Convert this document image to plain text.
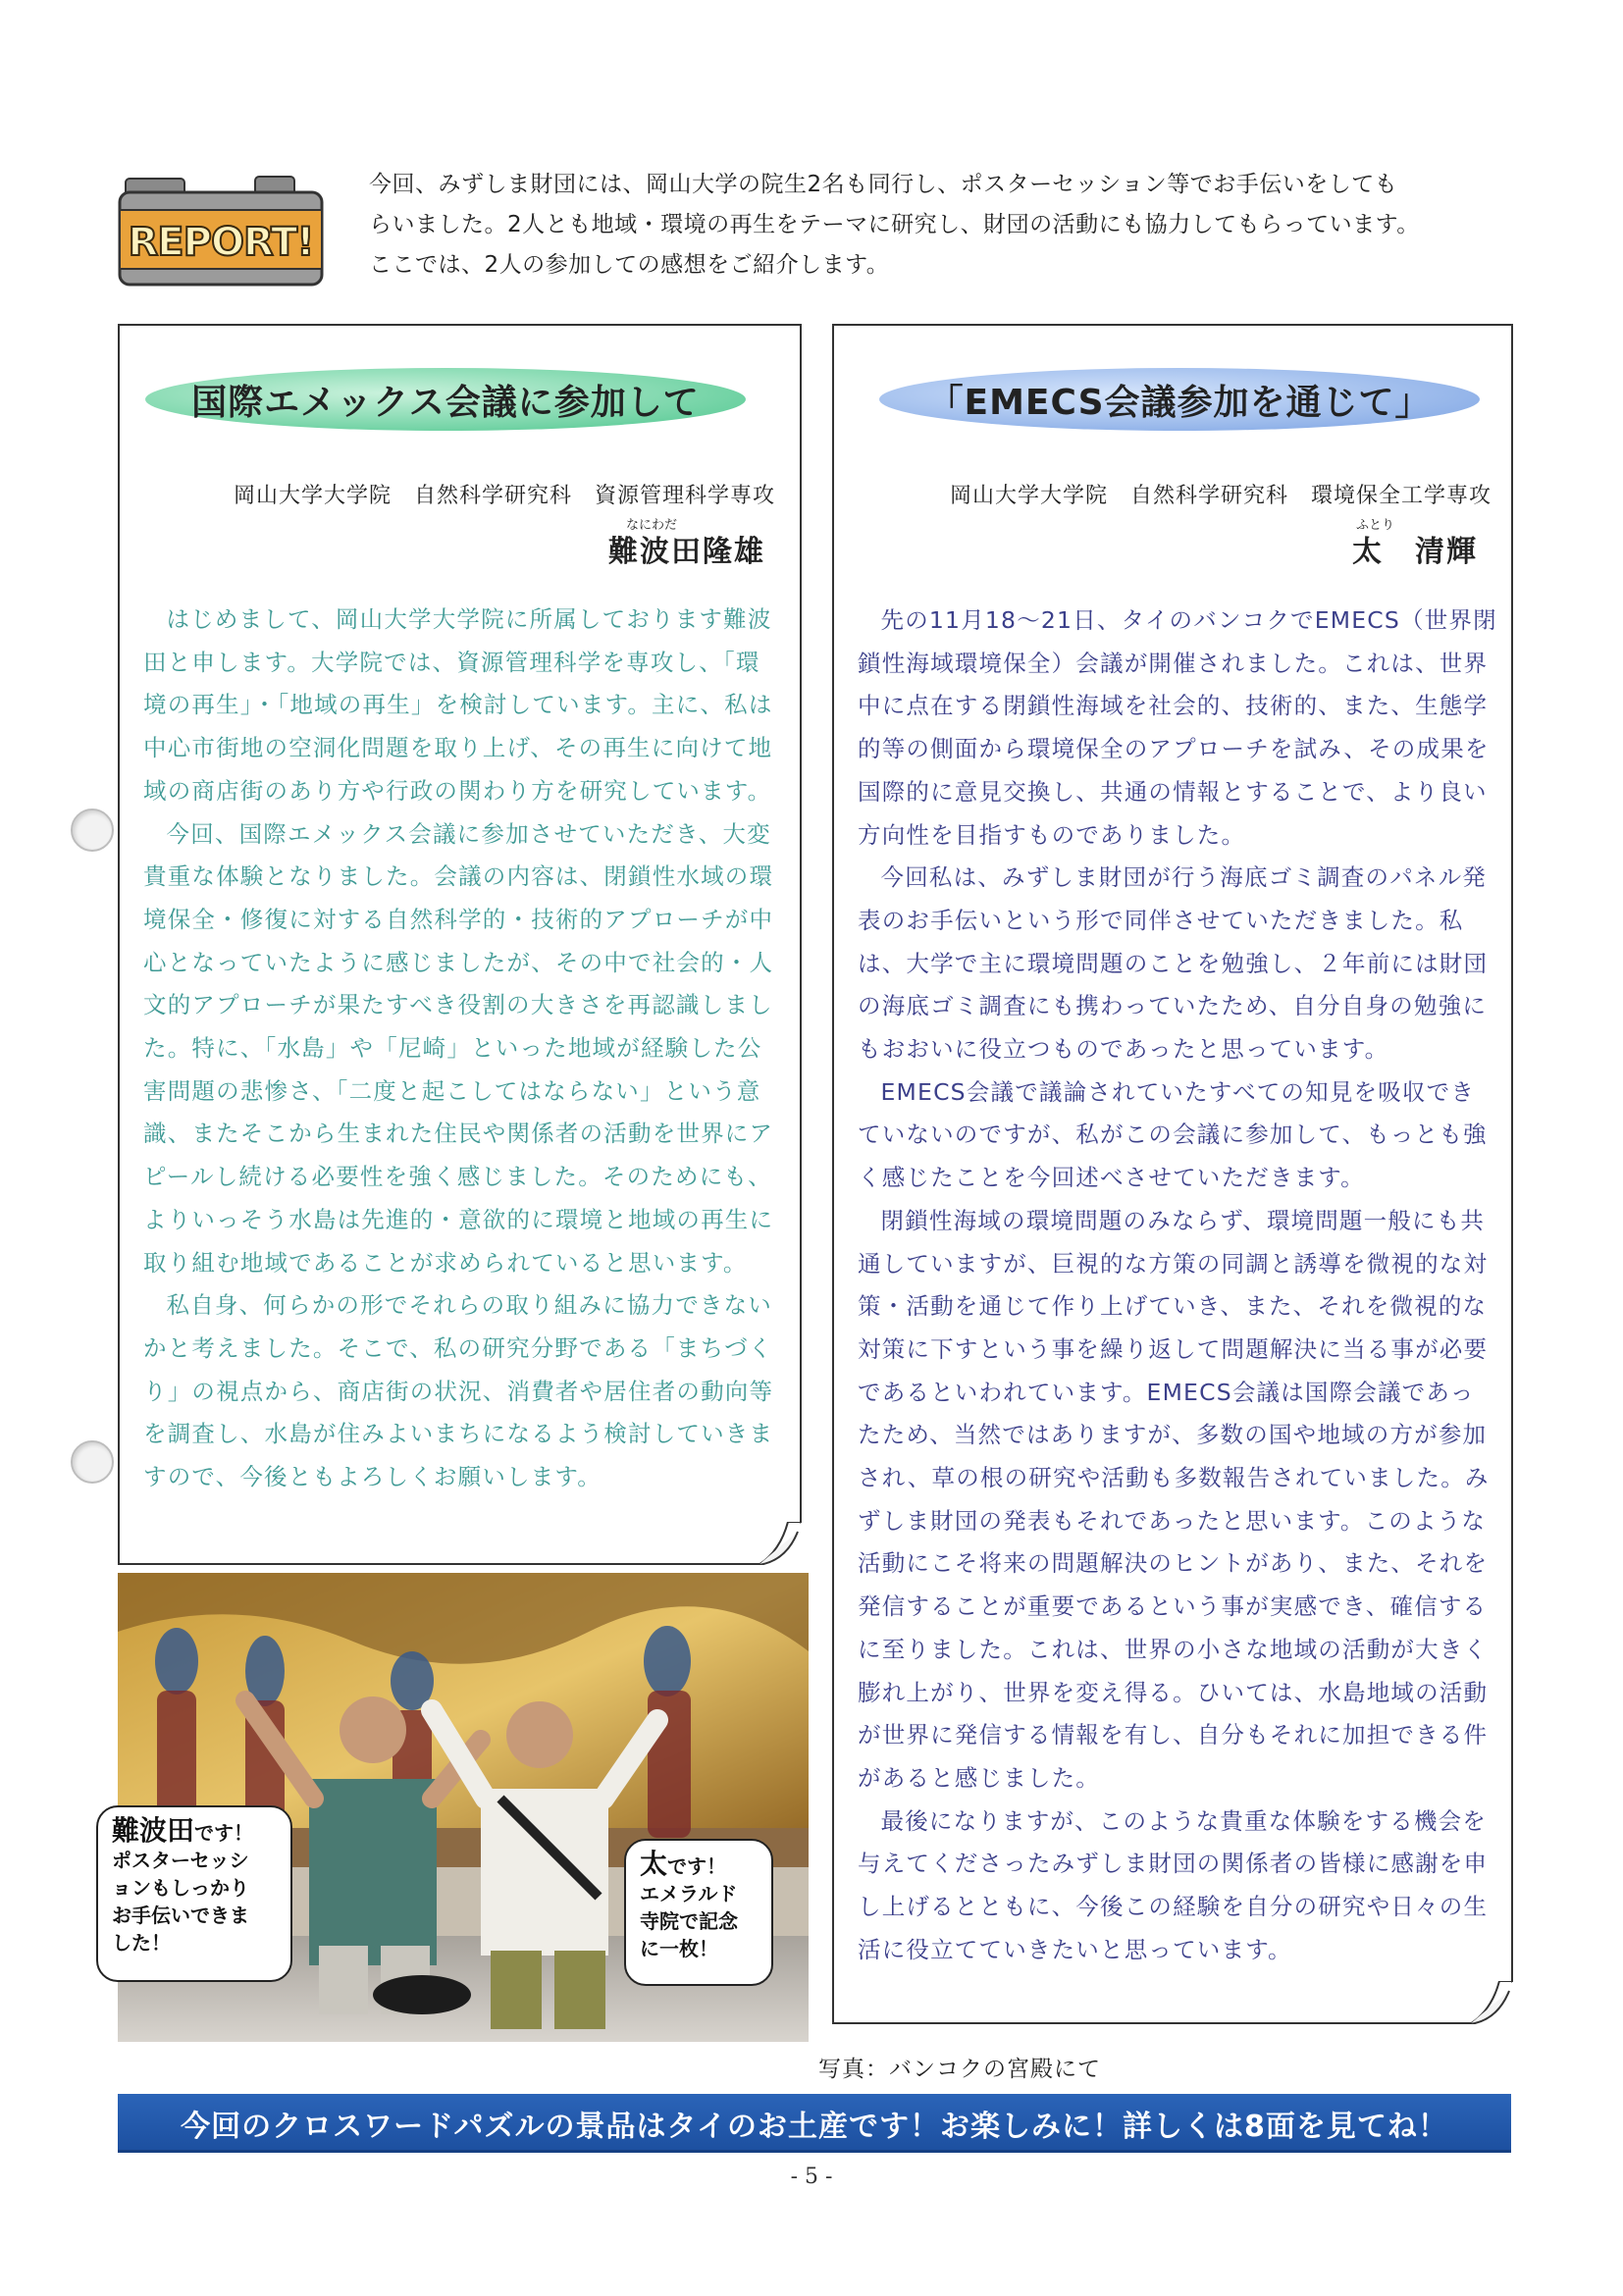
REPORT!

今回、みずしま財団には、岡山大学の院生2名も同行し、ポスターセッション等でお手伝いをしても

らいました。2人とも地域・環境の再生をテーマに研究し、財団の活動にも協力してもらっています。

ここでは、2人の参加しての感想をご紹介します。

国際エメックス会議に参加して
岡山大学大学院　自然科学研究科　資源管理科学専攻
なにわだ
難波田隆雄

はじめまして、岡山大学大学院に所属しております難波田と申します。大学院では、資源管理科学を専攻し、「環境の再生」・「地域の再生」を検討しています。主に、私は中心市街地の空洞化問題を取り上げ、その再生に向けて地域の商店街のあり方や行政の関わり方を研究しています。

今回、国際エメックス会議に参加させていただき、大変貴重な体験となりました。会議の内容は、閉鎖性水域の環境保全・修復に対する自然科学的・技術的アプローチが中心となっていたように感じましたが、その中で社会的・人文的アプローチが果たすべき役割の大きさを再認識しました。特に、「水島」や「尼崎」といった地域が経験した公害問題の悲惨さ、「二度と起こしてはならない」という意識、またそこから生まれた住民や関係者の活動を世界にアピールし続ける必要性を強く感じました。そのためにも、よりいっそう水島は先進的・意欲的に環境と地域の再生に取り組む地域であることが求められていると思います。

私自身、何らかの形でそれらの取り組みに協力できないかと考えました。そこで、私の研究分野である「まちづくり」の視点から、商店街の状況、消費者や居住者の動向等を調査し、水島が住みよいまちになるよう検討していきますので、今後ともよろしくお願いします。

「EMECS会議参加を通じて」
岡山大学大学院　自然科学研究科　環境保全工学専攻
ふとり
太　清輝

先の11月18〜21日、タイのバンコクでEMECS（世界閉鎖性海域環境保全）会議が開催されました。これは、世界中に点在する閉鎖性海域を社会的、技術的、また、生態学的等の側面から環境保全のアプローチを試み、その成果を国際的に意見交換し、共通の情報とすることで、より良い方向性を目指すものでありました。

今回私は、みずしま財団が行う海底ゴミ調査のパネル発表のお手伝いという形で同伴させていただきました。私は、大学で主に環境問題のことを勉強し、２年前には財団の海底ゴミ調査にも携わっていたため、自分自身の勉強にもおおいに役立つものであったと思っています。

EMECS会議で議論されていたすべての知見を吸収できていないのですが、私がこの会議に参加して、もっとも強く感じたことを今回述べさせていただきます。

閉鎖性海域の環境問題のみならず、環境問題一般にも共通していますが、巨視的な方策の同調と誘導を微視的な対策・活動を通じて作り上げていき、また、それを微視的な対策に下すという事を繰り返して問題解決に当る事が必要であるといわれています。EMECS会議は国際会議であったため、当然ではありますが、多数の国や地域の方が参加され、草の根の研究や活動も多数報告されていました。みずしま財団の発表もそれであったと思います。このような活動にこそ将来の問題解決のヒントがあり、また、それを発信することが重要であるという事が実感でき、確信するに至りました。これは、世界の小さな地域の活動が大きく膨れ上がり、世界を変え得る。ひいては、水島地域の活動が世界に発信する情報を有し、自分もそれに加担できる件があると感じました。

最後になりますが、このような貴重な体験をする機会を与えてくださったみずしま財団の関係者の皆様に感謝を申し上げるとともに、今後この経験を自分の研究や日々の生活に役立てていきたいと思っています。

難波田です！
ポスターセッシ
ョンもしっかり
お手伝いできま
した！
太です！
エメラルド
寺院で記念
に一枚！
写真：バンコクの宮殿にて
今回のクロスワードパズルの景品はタイのお土産です！お楽しみに！詳しくは8面を見てね！
- 5 -
